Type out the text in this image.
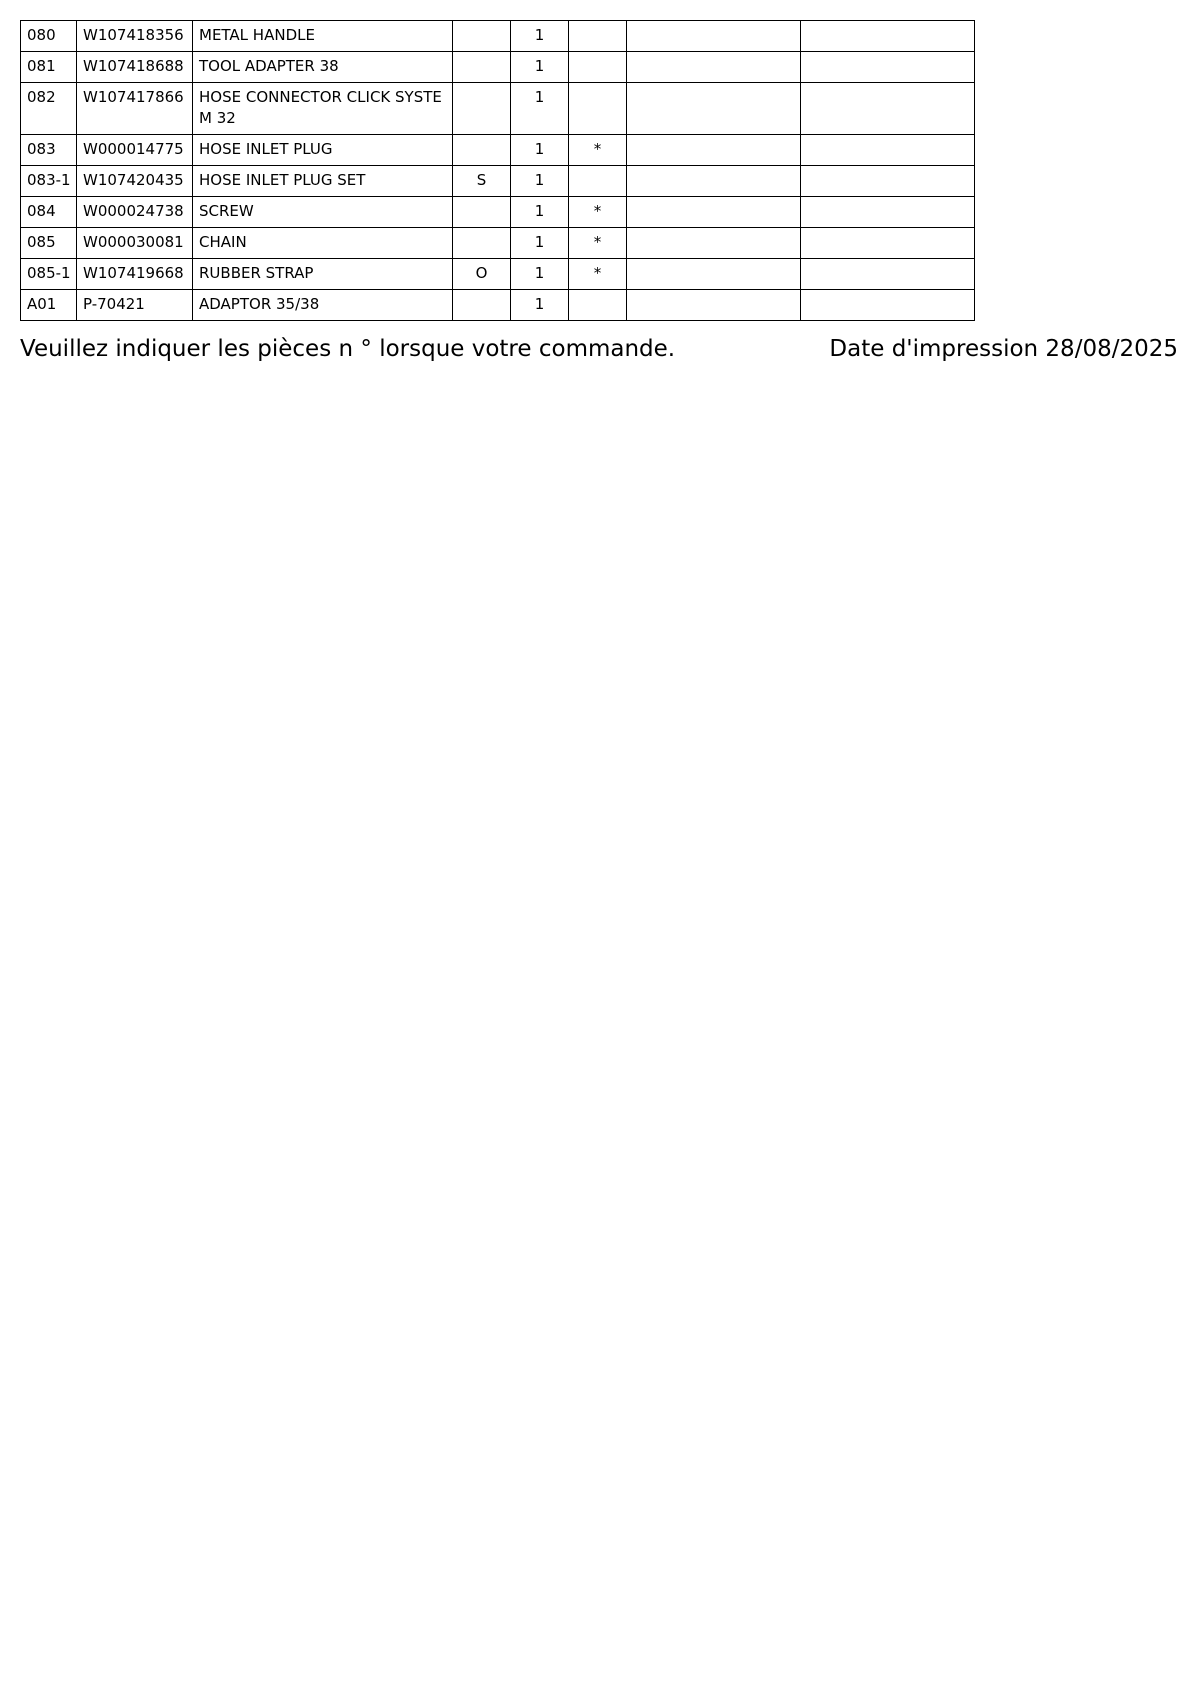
080	W107418356	METAL HANDLE		1			
081	W107418688	TOOL ADAPTER 38		1			
082	W107417866	HOSE CONNECTOR CLICK SYSTE M 32		1			
083	W000014775	HOSE INLET PLUG		1	*		
083-1	W107420435	HOSE INLET PLUG SET	S	1			
084	W000024738	SCREW		1	*		
085	W000030081	CHAIN		1	*		
085-1	W107419668	RUBBER STRAP	O	1	*		
A01	P-70421	ADAPTOR 35/38		1			
Veuillez indiquer les pièces n ° lorsque votre commande.	Date d'impression 28/08/2025
